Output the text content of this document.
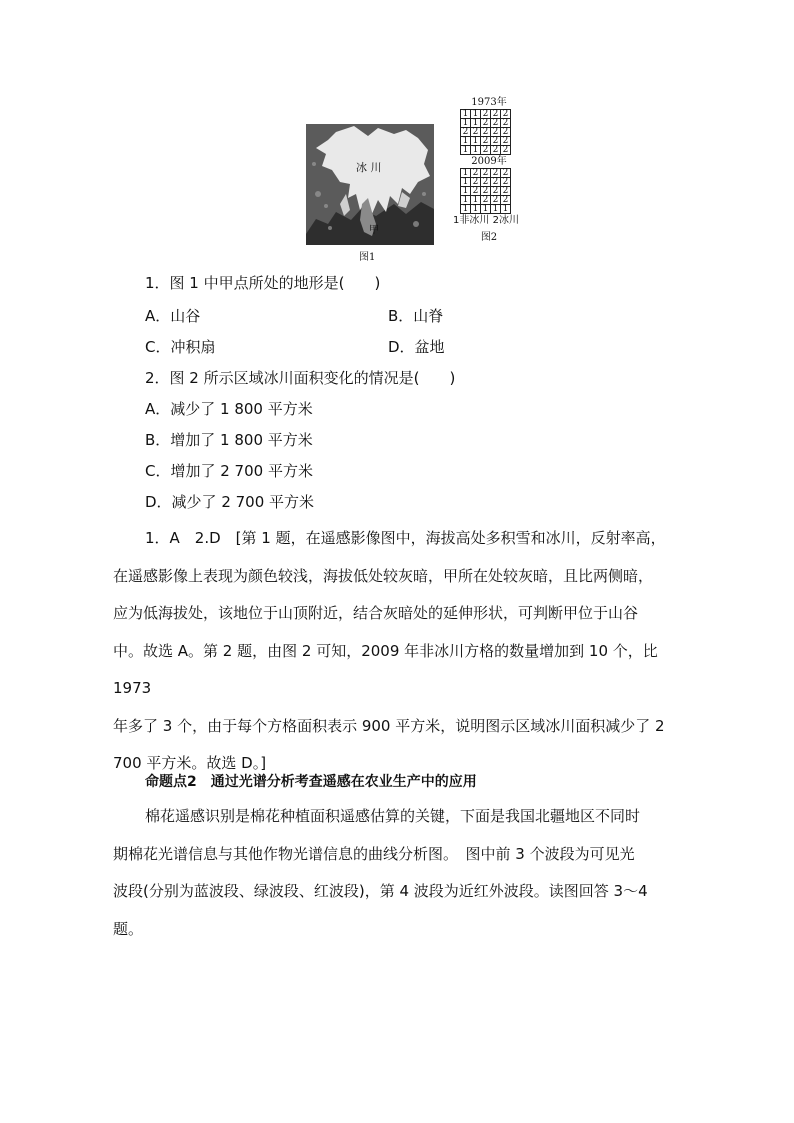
冰 川
甲
图1
1973年
1	1	2	2	2
1	1	2	2	2
2	2	2	2	2
1	1	2	2	2
1	1	2	2	2
2009年
1	2	2	2	2
1	2	2	2	2
1	2	2	2	2
1	1	2	2	2
1	1	1	1	1
1非冰川 2冰川
图2
1．图 1 中甲点所处的地形是(　　)
A．山谷	B．山脊
C．冲积扇	D．盆地
2．图 2 所示区域冰川面积变化的情况是(　　)
A．减少了 1 800 平方米
B．增加了 1 800 平方米
C．增加了 2 700 平方米
D．减少了 2 700 平方米
1．A　2.D　[第 1 题，在遥感影像图中，海拔高处多积雪和冰川，反射率高，
在遥感影像上表现为颜色较浅，海拔低处较灰暗，甲所在处较灰暗，且比两侧暗，
应为低海拔处，该地位于山顶附近，结合灰暗处的延伸形状，可判断甲位于山谷
中。故选 A。第 2 题，由图 2 可知，2009 年非冰川方格的数量增加到 10 个，比 1973
年多了 3 个，由于每个方格面积表示 900 平方米，说明图示区域冰川面积减少了 2
700 平方米。故选 D。]
命题点2　通过光谱分析考查遥感在农业生产中的应用
棉花遥感识别是棉花种植面积遥感估算的关键，下面是我国北疆地区不同时
期棉花光谱信息与其他作物光谱信息的曲线分析图。　图中前 3 个波段为可见光
波段(分别为蓝波段、绿波段、红波段)，第 4 波段为近红外波段。读图回答 3～4
题。
